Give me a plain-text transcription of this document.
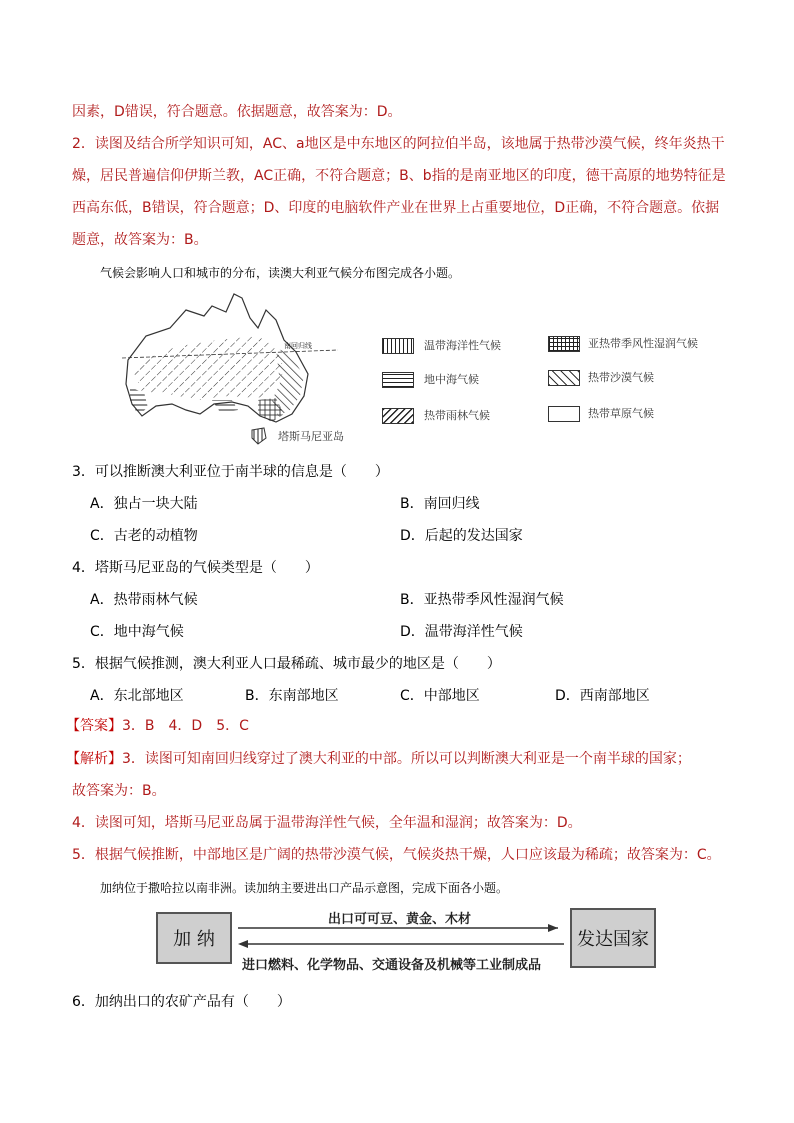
因素，D错误，符合题意。依据题意，故答案为：D。
2．读图及结合所学知识可知，AC、a地区是中东地区的阿拉伯半岛，该地属于热带沙漠气候，终年炎热干
燥，居民普遍信仰伊斯兰教，AC正确，不符合题意；B、b指的是南亚地区的印度，德干高原的地势特征是
西高东低，B错误，符合题意；D、印度的电脑软件产业在世界上占重要地位，D正确，不符合题意。依据
题意，故答案为：B。
气候会影响人口和城市的分布，读澳大利亚气候分布图完成各小题。
南回归线
塔斯马尼亚岛
温带海洋性气候	亚热带季风性湿润气候
地中海气候	热带沙漠气候
热带雨林气候	热带草原气候
3．可以推断澳大利亚位于南半球的信息是（　　）
A．独占一块大陆	B．南回归线
C．古老的动植物	D．后起的发达国家
4．塔斯马尼亚岛的气候类型是（　　）
A．热带雨林气候	B．亚热带季风性湿润气候
C．地中海气候	D．温带海洋性气候
5．根据气候推测，澳大利亚人口最稀疏、城市最少的地区是（　　）
A．东北部地区	B．东南部地区	C．中部地区	D．西南部地区
【答案】3．B　4．D　5．C
【解析】3．读图可知南回归线穿过了澳大利亚的中部。所以可以判断澳大利亚是一个南半球的国家；
故答案为：B。
4．读图可知，塔斯马尼亚岛属于温带海洋性气候，全年温和湿润；故答案为：D。
5．根据气候推断，中部地区是广阔的热带沙漠气候，气候炎热干燥，人口应该最为稀疏；故答案为：C。
加纳位于撒哈拉以南非洲。读加纳主要进出口产品示意图，完成下面各小题。
加 纳	发达国家
出口可可豆、黄金、木材
进口燃料、化学物品、交通设备及机械等工业制成品
6．加纳出口的农矿产品有（　　）
